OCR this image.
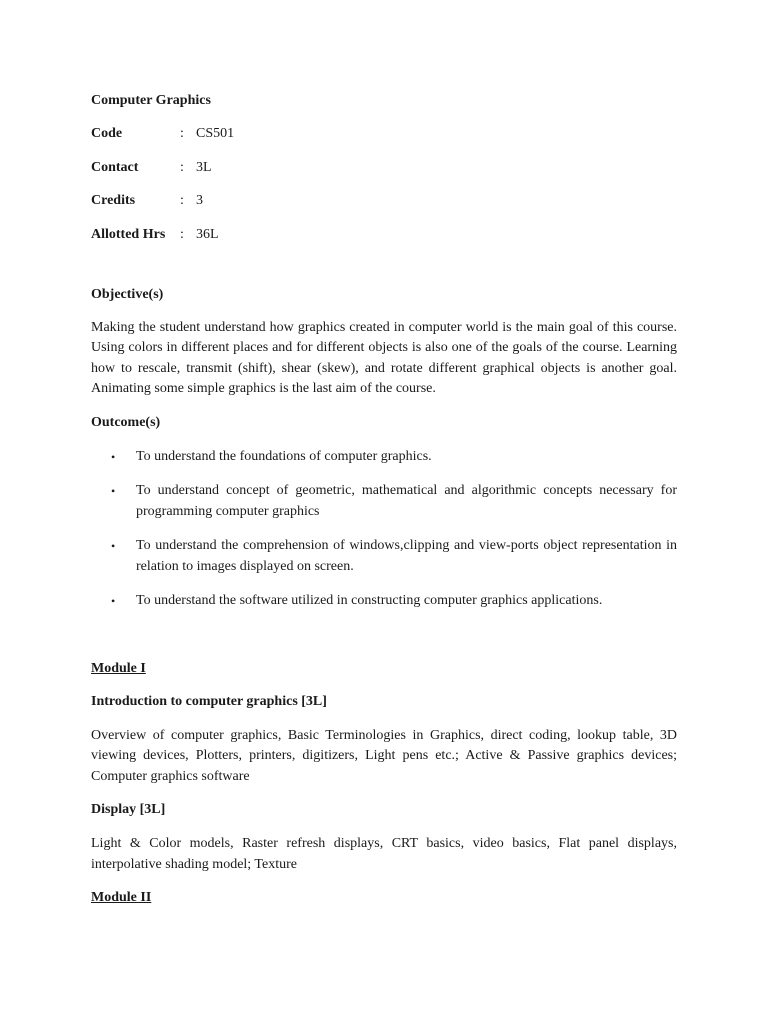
Computer Graphics
Code	: CS501
Contact	: 3L
Credits	: 3
Allotted Hrs	: 36L
Objective(s)
Making the student understand how graphics created in computer world is the main goal of this course. Using colors in different places and for different objects is also one of the goals of the course. Learning how to rescale, transmit (shift), shear (skew), and rotate different graphical objects is another goal. Animating some simple graphics is the last aim of the course.
Outcome(s)
• To understand the foundations of computer graphics.
• To understand concept of geometric, mathematical and algorithmic concepts necessary for programming computer graphics
• To understand the comprehension of windows,clipping and view-ports object representation in relation to images displayed on screen.
• To understand the software utilized in constructing computer graphics applications.
Module I
Introduction to computer graphics [3L]
Overview of computer graphics, Basic Terminologies in Graphics, direct coding, lookup table, 3D viewing devices, Plotters, printers, digitizers, Light pens etc.; Active & Passive graphics devices; Computer graphics software
Display [3L]
Light & Color models, Raster refresh displays, CRT basics, video basics, Flat panel displays, interpolative shading model; Texture
Module II
